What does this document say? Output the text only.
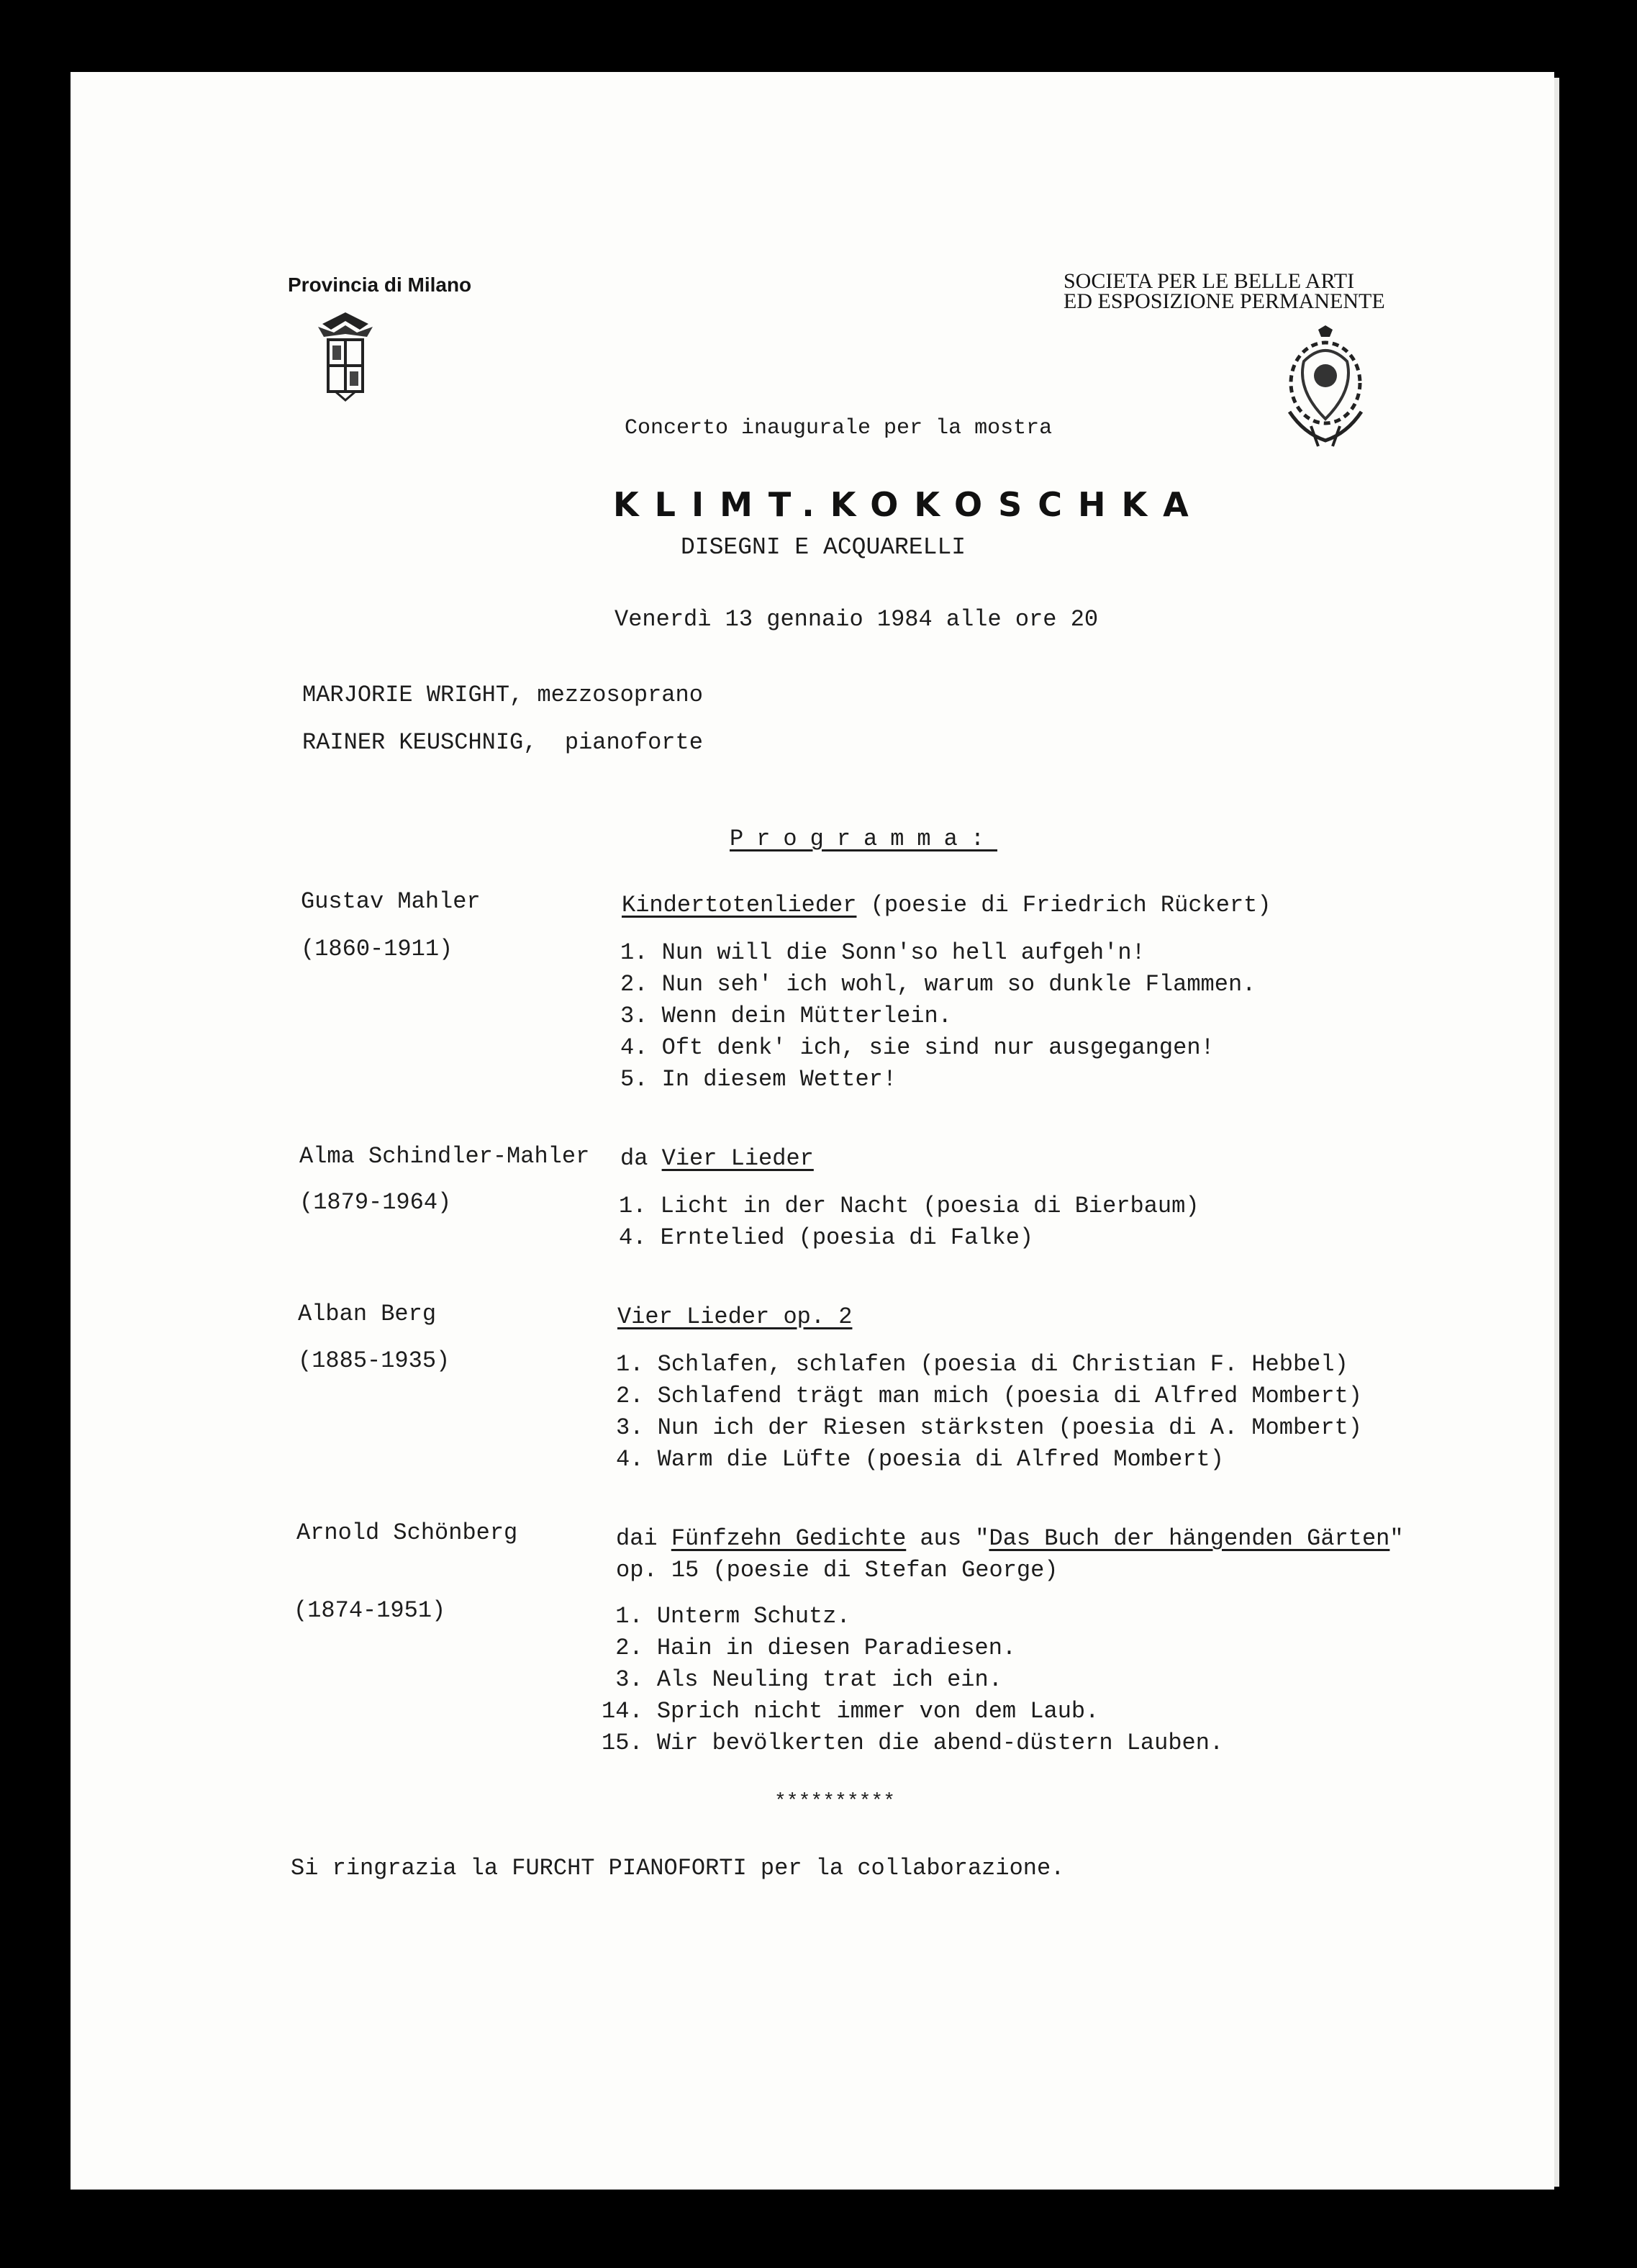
Provincia di Milano	SOCIETA PER LE BELLE ARTI
ED ESPOSIZIONE PERMANENTE
Concerto inaugurale per la mostra
KLIMT.KOKOSCHKA
DISEGNI E ACQUARELLI
Venerdì 13 gennaio 1984 alle ore 20
MARJORIE WRIGHT, mezzosoprano
RAINER KEUSCHNIG,  pianoforte
Programma:
Gustav Mahler
(1860-1911)
Kindertotenlieder (poesie di Friedrich Rückert)
1. Nun will die Sonn'so hell aufgeh'n!
2. Nun seh' ich wohl, warum so dunkle Flammen.
3. Wenn dein Mütterlein.
4. Oft denk' ich, sie sind nur ausgegangen!
5. In diesem Wetter!
Alma Schindler-Mahler
(1879-1964)
da Vier Lieder
1. Licht in der Nacht (poesia di Bierbaum)
4. Erntelied (poesia di Falke)
Alban Berg
(1885-1935)
Vier Lieder op. 2
1. Schlafen, schlafen (poesia di Christian F. Hebbel)
2. Schlafend trägt man mich (poesia di Alfred Mombert)
3. Nun ich der Riesen stärksten (poesia di A. Mombert)
4. Warm die Lüfte (poesia di Alfred Mombert)
Arnold Schönberg
(1874-1951)
dai Fünfzehn Gedichte aus "Das Buch der hängenden Gärten"
op. 15 (poesie di Stefan George)
1. Unterm Schutz.
2. Hain in diesen Paradiesen.
3. Als Neuling trat ich ein.
14. Sprich nicht immer von dem Laub.
15. Wir bevölkerten die abend-düstern Lauben.
**********
Si ringrazia la FURCHT PIANOFORTI per la collaborazione.
